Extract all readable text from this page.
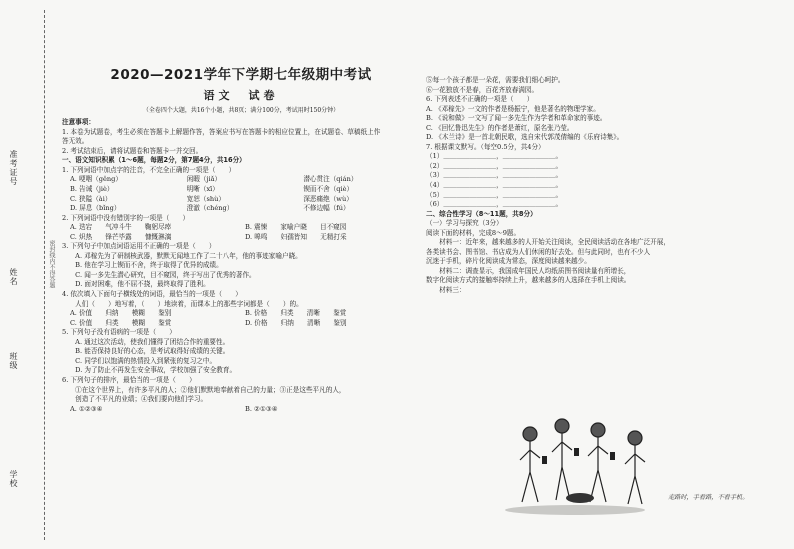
准考证号
姓名
班级
学校
密封线内不得答题
2020—2021学年下学期七年级期中考试
语文　试卷
（全卷四个大题，共16个小题，共8页；满分100分，考试用时150分钟）
注意事项：
1. 本卷为试题卷，考生必须在答题卡上解题作答，答案应书写在答题卡的相应位置上，在试题卷、草稿纸上作
答无效。
2. 考试结束后，请将试题卷和答题卡一并交回。
一、语文知识积累（1～6题，每题2分，第7题4分，共16分）
1. 下列词语中加点字的注音，不完全正确的一项是（　　）
A. 哽咽（gěng）	闲暇（jiǎ）	潜心贯注（qián）
B. 告诫（jiè）	明晰（xī）	锲而不舍（qiè）
C. 狭隘（ài）	宽恕（shù）	深恶痛绝（wù）
D. 屏息（bǐng）	澄澈（chéng）	不修边幅（fú）
2. 下列词语中没有错别字的一项是（　　）
A. 迭宕　　气冲斗牛　　鞠躬尽瘁	B. 震悚　　家喻户晓　　目不窥园
C. 炽热　　锋芒毕露　　慷慨淋漓	D. 嗥鸣　　妇孺皆知　　无精打采
3. 下列句子中加点词语运用不正确的一项是（　　）
　　A. 邓稼先为了研制核武器，默默无闻地工作了二十八年，他的事迹家喻户晓。
　　B. 他在学习上锲而不舍，终于取得了优异的成绩。
　　C. 闻一多先生潜心研究，目不窥园，终于写出了优秀的著作。
　　D. 面对困难，他不屈不挠，最终取得了胜利。
4. 依次填入下面句子横线处的词语，最恰当的一项是（　　）
　　人们（　　）地写着，（　　）地读着，而课本上的那些字词都是（　　）的。
A. 价值　　归纳　　模糊　　鉴别	B. 价格　　归类　　清晰　　鉴赏
C. 价值　　归类　　模糊　　鉴赏	D. 价格　　归纳　　清晰　　鉴别
5. 下列句子没有语病的一项是（　　）
　　A. 通过这次活动，使我们懂得了团结合作的重要性。
　　B. 能否保持良好的心态，是考试取得好成绩的关键。
　　C. 同学们以饱满的热情投入到紧张的复习之中。
　　D. 为了防止不再发生安全事故，学校加强了安全教育。
6. 下列句子的排序，最恰当的一项是（　　）
　　①在这个世界上，有许多平凡的人；②他们默默地奉献着自己的力量；③正是这些平凡的人，
　　创造了不平凡的业绩；④我们要向他们学习。
A. ①②③④	B. ②①③④
⑤每一个孩子都是一朵花，需要我们细心呵护。
⑥一花独放不是春，百花齐放春满园。
6. 下列表述不正确的一项是（　　）
A. 《邓稼先》一文的作者是杨振宁，他是著名的物理学家。
B. 《说和做》一文写了闻一多先生作为学者和革命家的事迹。
C. 《回忆鲁迅先生》的作者是萧红，原名张乃莹。
D. 《木兰诗》是一首北朝民歌，选自宋代郭茂倩编的《乐府诗集》。
7. 根据课文默写。（每空0.5分，共4分）
（1）＿＿＿＿＿＿＿＿，＿＿＿＿＿＿＿＿。
（2）＿＿＿＿＿＿＿＿，＿＿＿＿＿＿＿＿。
（3）＿＿＿＿＿＿＿＿，＿＿＿＿＿＿＿＿。
（4）＿＿＿＿＿＿＿＿，＿＿＿＿＿＿＿＿。
（5）＿＿＿＿＿＿＿＿，＿＿＿＿＿＿＿＿。
（6）＿＿＿＿＿＿＿＿，＿＿＿＿＿＿＿＿。
二、综合性学习（8～11题，共8分）
（一）学习与探究（3分）
阅读下面的材料，完成8～9题。
　　材料一：近年来，越来越多的人开始关注阅读，全民阅读活动在各地广泛开展，
各类读书会、图书馆、书店成为人们休闲的好去处。但与此同时，也有不少人
沉迷于手机，碎片化阅读成为常态，深度阅读越来越少。
　　材料二：调查显示，我国成年国民人均纸质图书阅读量有所增长，
数字化阅读方式的接触率持续上升，越来越多的人选择在手机上阅读。
　　材料三：
走路时，手看路，不看手机。
